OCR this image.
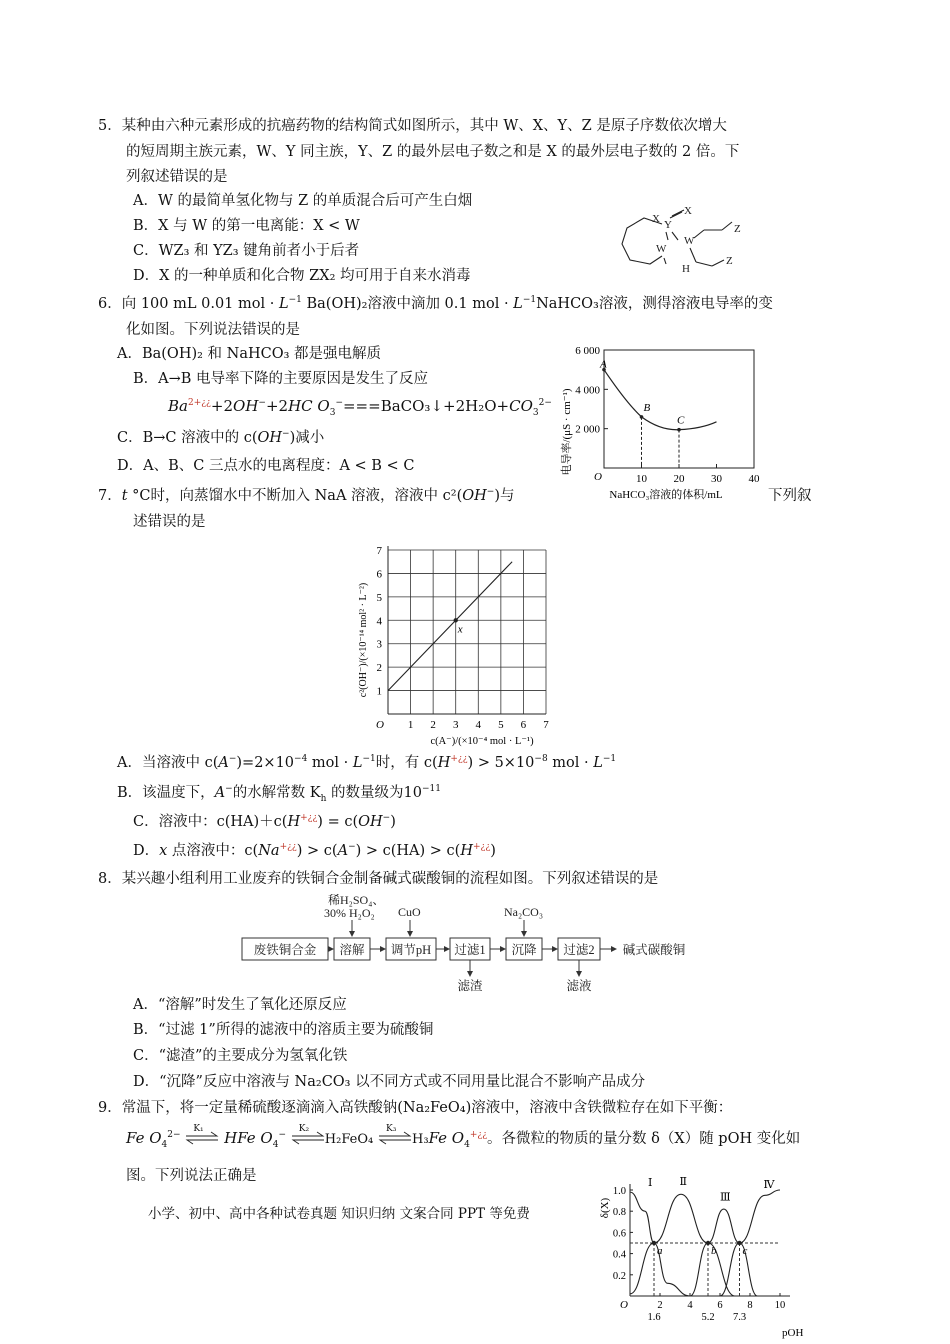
5．某种由六种元素形成的抗癌药物的结构简式如图所示，其中 W、X、Y、Z 是原子序数依次增大
的短周期主族元素，W、Y 同主族，Y、Z 的最外层电子数之和是 X 的最外层电子数的 2 倍。下
列叙述错误的是
A．W 的最简单氢化物与 Z 的单质混合后可产生白烟
B．X 与 W 的第一电离能：X < W
C．WZ₃ 和 YZ₃ 键角前者小于后者
D．X 的一种单质和化合物 ZX₂ 均可用于自来水消毒
X Y
X
W
W
H
Z
Z
6．向 100 mL 0.01 mol · $L^{-1}$ Ba(OH)₂溶液中滴加 0.1 mol · $L^{-1}NaHCO_3$溶液，测得溶液电导率的变
化如图。下列说法错误的是
A．Ba(OH)₂ 和 NaHCO₃ 都是强电解质
B．A→B 电导率下降的主要原因是发生了反应
$Ba^{2+¿¿}+2OH^-+2HC$ $O_3^-===BaCO_3↓+2H_2O+CO_3^{2-}$
C．B→C 溶液中的 c(OH−)减小
D．A、B、C 三点水的电离程度：A < B < C	电导率/(μS · cm⁻¹)
NaHCO₃溶液的体积/mL
O
2 000
4 000
6 000
10 20 30 40
A
B
C
7．t °C时，向蒸馏水中不断加入 NaA 溶液，溶液中 c²(OH−)与	下列叙
述错误的是
c²(OH⁻)/(×10⁻¹⁴ mol² · L⁻²)
c(A⁻)/(×10⁻⁴ mol · L⁻¹)
O 1
1
2
2
3
3
4
4
5
5
6
6
7
7
x
A．当溶液中 $c(A^-)=2\times 10^{-4}$ mol · $L^{-1}$时，有 $c(H^{+¿¿}) > 5\times 10^{-8}$ mol · $L^{-1}$
B．该温度下，A−的水解常数 $K_h$ 的数量级为$10^{-11}$
C．溶液中：c(HA)＋c(H+¿¿) = c(OH−)
D．x 点溶液中：c(Na+¿¿) > c(A−) > c(HA) > c(H+¿¿)
8．某兴趣小组利用工业废弃的铁铜合金制备碱式碳酸铜的流程如图。下列叙述错误的是
稀H₂SO₄、
30% H₂O₂ CuO	Na₂CO₃
废铁铜合金 溶解 调节pH 过滤1 沉降 过滤2 碱式碳酸铜
滤渣	滤液
A．“溶解”时发生了氧化还原反应
B．“过滤 1”所得的滤液中的溶质主要为硫酸铜
C．“滤渣”的主要成分为氢氧化铁
D．“沉降”反应中溶液与 Na₂CO₃ 以不同方式或不同用量比混合不影响产品成分
9．常温下，将一定量稀硫酸逐滴滴入高铁酸钠(Na₂FeO₄)溶液中，溶液中含铁微粒存在如下平衡：
Fe $O_4^{2-}$
K₁ HFe $O_4^-$
K₂
H₂FeO₄
K₃
H₃Fe $O_4^{+¿¿}$。各微粒的物质的量分数 δ（X）随 pOH 变化如
图。下列说法正确是
小学、初中、高中各种试卷真题 知识归纳 文案合同 PPT 等免费	δ(X)
pOH
O	2 4 6 8 10
0.2
0.4
0.6
0.8
1.0
Ⅰ Ⅱ
Ⅲ
Ⅳ
a
1.6
b
5.2
c
7.3
